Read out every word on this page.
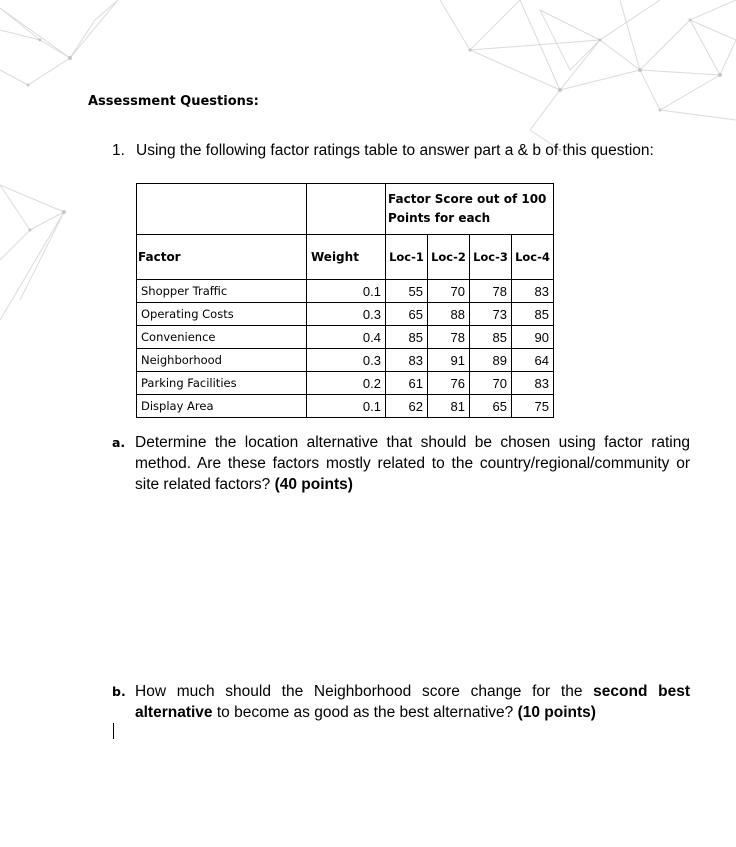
Assessment Questions:
1. Using the following factor ratings table to answer part a & b of this question:
		Factor Score out of 100 Points for each			
Factor	Weight	Loc-1	Loc-2	Loc-3	Loc-4
Shopper Traffic	0.1	55	70	78	83
Operating Costs	0.3	65	88	73	85
Convenience	0.4	85	78	85	90
Neighborhood	0.3	83	91	89	64
Parking Facilities	0.2	61	76	70	83
Display Area	0.1	62	81	65	75
a. Determine the location alternative that should be chosen using factor rating method. Are these factors mostly related to the country/regional/community or site related factors? (40 points)
b. How much should the Neighborhood score change for the second best alternative to become as good as the best alternative? (10 points)
